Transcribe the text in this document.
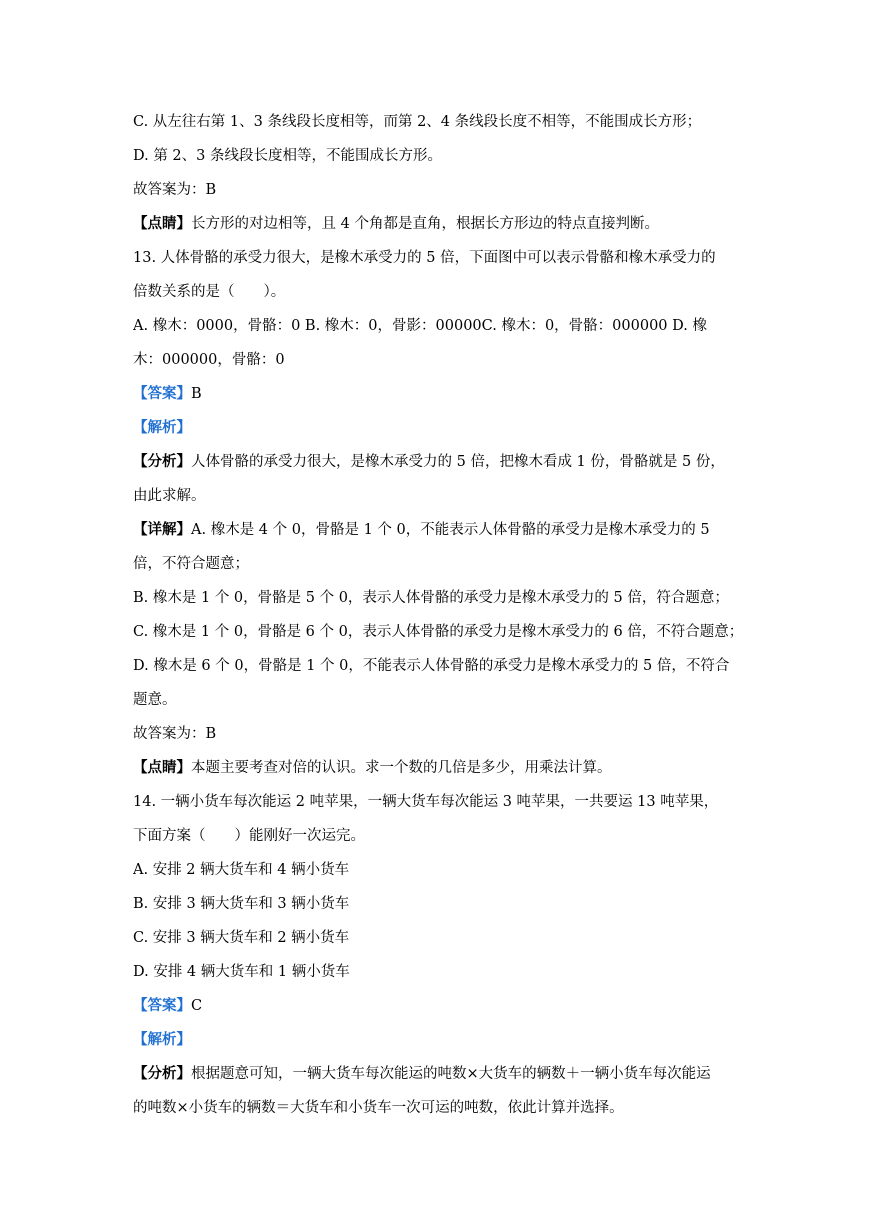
C. 从左往右第 1、3 条线段长度相等，而第 2、4 条线段长度不相等，不能围成长方形；
D. 第 2、3 条线段长度相等，不能围成长方形。
故答案为：B
【点睛】长方形的对边相等，且 4 个角都是直角，根据长方形边的特点直接判断。
13. 人体骨骼的承受力很大，是橡木承受力的 5 倍，下面图中可以表示骨骼和橡木承受力的
倍数关系的是（　　）。
A. 橡木：0000，骨骼：0 B. 橡木：0，骨影：00000C. 橡木：0，骨骼：000000 D. 橡
木：000000，骨骼：0
【答案】B
【解析】
【分析】人体骨骼的承受力很大，是橡木承受力的 5 倍，把橡木看成 1 份，骨骼就是 5 份，
由此求解。
【详解】A. 橡木是 4 个 0，骨骼是 1 个 0，不能表示人体骨骼的承受力是橡木承受力的 5
倍，不符合题意；
B. 橡木是 1 个 0，骨骼是 5 个 0，表示人体骨骼的承受力是橡木承受力的 5 倍，符合题意；
C. 橡木是 1 个 0，骨骼是 6 个 0，表示人体骨骼的承受力是橡木承受力的 6 倍，不符合题意；
D. 橡木是 6 个 0，骨骼是 1 个 0，不能表示人体骨骼的承受力是橡木承受力的 5 倍，不符合
题意。
故答案为：B
【点睛】本题主要考查对倍的认识。求一个数的几倍是多少，用乘法计算。
14. 一辆小货车每次能运 2 吨苹果，一辆大货车每次能运 3 吨苹果，一共要运 13 吨苹果，
下面方案（　　）能刚好一次运完。
A. 安排 2 辆大货车和 4 辆小货车
B. 安排 3 辆大货车和 3 辆小货车
C. 安排 3 辆大货车和 2 辆小货车
D. 安排 4 辆大货车和 1 辆小货车
【答案】C
【解析】
【分析】根据题意可知，一辆大货车每次能运的吨数×大货车的辆数＋一辆小货车每次能运
的吨数×小货车的辆数＝大货车和小货车一次可运的吨数，依此计算并选择。
